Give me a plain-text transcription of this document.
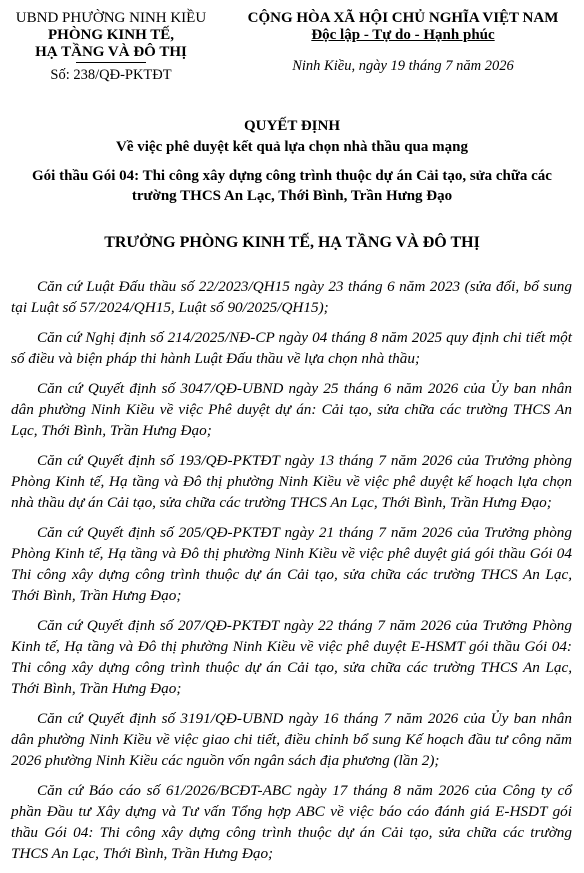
UBND PHƯỜNG NINH KIỀU
PHÒNG KINH TẾ,
HẠ TẦNG VÀ ĐÔ THỊ
Số: 238/QĐ-PKTĐT
CỘNG HÒA XÃ HỘI CHỦ NGHĨA VIỆT NAM
Độc lập - Tự do - Hạnh phúc
Ninh Kiều, ngày 19 tháng 7 năm 2026
QUYẾT ĐỊNH
Về việc phê duyệt kết quả lựa chọn nhà thầu qua mạng
Gói thầu Gói 04: Thi công xây dựng công trình thuộc dự án Cải tạo, sửa chữa các trường THCS An Lạc, Thới Bình, Trần Hưng Đạo
TRƯỞNG PHÒNG KINH TẾ, HẠ TẦNG VÀ ĐÔ THỊ

Căn cứ Luật Đấu thầu số 22/2023/QH15 ngày 23 tháng 6 năm 2023 (sửa đổi, bổ sung tại Luật số 57/2024/QH15, Luật số 90/2025/QH15);

Căn cứ Nghị định số 214/2025/NĐ-CP ngày 04 tháng 8 năm 2025 quy định chi tiết một số điều và biện pháp thi hành Luật Đấu thầu về lựa chọn nhà thầu;

Căn cứ Quyết định số 3047/QĐ-UBND ngày 25 tháng 6 năm 2026 của Ủy ban nhân dân phường Ninh Kiều về việc Phê duyệt dự án: Cải tạo, sửa chữa các trường THCS An Lạc, Thới Bình, Trần Hưng Đạo;

Căn cứ Quyết định số 193/QĐ-PKTĐT ngày 13 tháng 7 năm 2026 của Trưởng phòng Phòng Kinh tế, Hạ tầng và Đô thị phường Ninh Kiều về việc phê duyệt kế hoạch lựa chọn nhà thầu dự án Cải tạo, sửa chữa các trường THCS An Lạc, Thới Bình, Trần Hưng Đạo;

Căn cứ Quyết định số 205/QĐ-PKTĐT ngày 21 tháng 7 năm 2026 của Trưởng phòng Phòng Kinh tế, Hạ tầng và Đô thị phường Ninh Kiều về việc phê duyệt giá gói thầu Gói 04 Thi công xây dựng công trình thuộc dự án Cải tạo, sửa chữa các trường THCS An Lạc, Thới Bình, Trần Hưng Đạo;

Căn cứ Quyết định số 207/QĐ-PKTĐT ngày 22 tháng 7 năm 2026 của Trưởng Phòng Kinh tế, Hạ tầng và Đô thị phường Ninh Kiều về việc phê duyệt E-HSMT gói thầu Gói 04: Thi công xây dựng công trình thuộc dự án Cải tạo, sửa chữa các trường THCS An Lạc, Thới Bình, Trần Hưng Đạo;

Căn cứ Quyết định số 3191/QĐ-UBND ngày 16 tháng 7 năm 2026 của Ủy ban nhân dân phường Ninh Kiều về việc giao chi tiết, điều chỉnh bổ sung Kế hoạch đầu tư công năm 2026 phường Ninh Kiều các nguồn vốn ngân sách địa phương (lần 2);

Căn cứ Báo cáo số 61/2026/BCĐT-ABC ngày 17 tháng 8 năm 2026 của Công ty cổ phần Đầu tư Xây dựng và Tư vấn Tổng hợp ABC về việc báo cáo đánh giá E-HSDT gói thầu Gói 04: Thi công xây dựng công trình thuộc dự án Cải tạo, sửa chữa các trường THCS An Lạc, Thới Bình, Trần Hưng Đạo;
